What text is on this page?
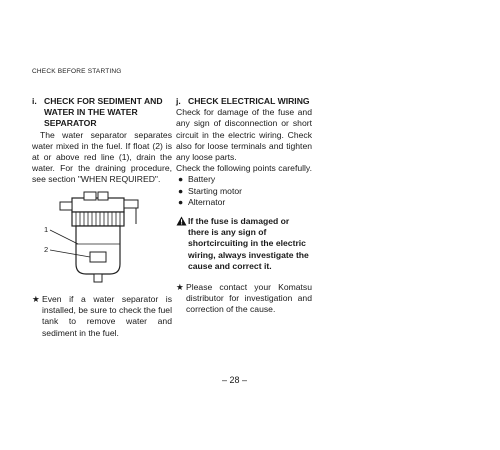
CHECK BEFORE STARTING
i. CHECK FOR SEDIMENT AND WATER IN THE WATER SEPARATOR
The water separator separates water mixed in the fuel. If float (2) is at or above red line (1), drain the water. For the draining procedure, see section "WHEN REQUIRED".
1
2
★ Even if a water separator is installed, be sure to check the fuel tank to remove water and sediment in the fuel.
j. CHECK ELECTRICAL WIRING
Check for damage of the fuse and any sign of disconnection or short circuit in the electric wiring. Check also for loose terminals and tighten any loose parts.
Check the following points carefully.
● Battery
● Starting motor
● Alternator
If the fuse is damaged or there is any sign of shortcircuiting in the electric wiring, always investigate the cause and correct it.
★ Please contact your Komatsu distributor for investigation and correction of the cause.
– 28 –
